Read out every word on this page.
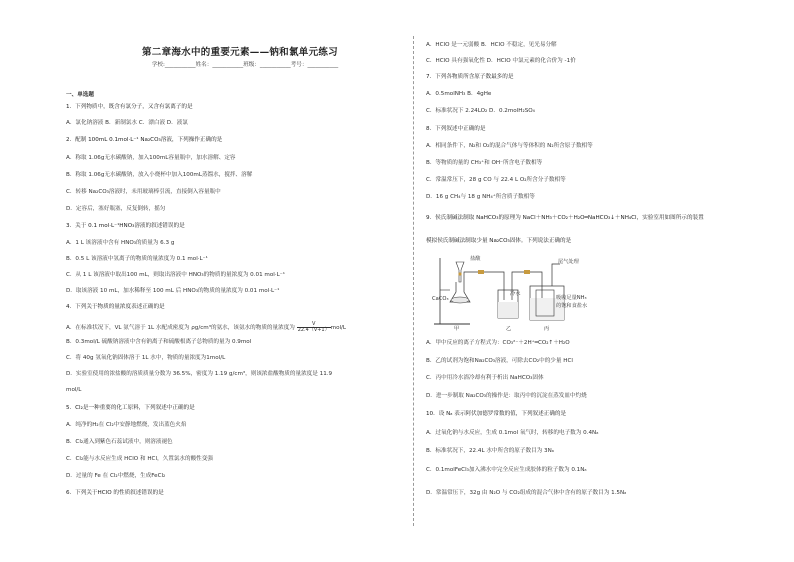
第二章海水中的重要元素——钠和氯单元练习
学校:___________姓名：___________班级：___________考号：___________
一、单选题
1．下列物质中，既含有氯分子，又含有氯离子的是
A．氯化钠溶液 B．新制氯水 C．漂白液 D．液氯
2．配制 100mL 0.1mol·L⁻¹ Na₂CO₃溶液，下列操作正确的是
A．称取 1.06g无水碳酸钠，加入100mL容量瓶中，加水溶解、定容
B．称取 1.06g无水碳酸钠，放入小烧杯中加入100mL蒸馏水，搅拌、溶解
C．转移 Na₂CO₃溶液时，未用玻璃棒引流，直接倒入容量瓶中
D．定容后，塞好瓶塞，反复倒转，摇匀
3．关于 0.1 mol·L⁻¹HNO₃溶液的叙述错误的是
A．1 L 该溶液中含有 HNO₃的质量为 6.3 g
B．0.5 L 该溶液中氢离子的物质的量浓度为 0.1 mol·L⁻¹
C．从 1 L 该溶液中取出100 mL，则取出溶液中 HNO₃的物质的量浓度为 0.01 mol·L⁻¹
D．取该溶液 10 mL，加水稀释至 100 mL 后 HNO₃的物质的量浓度为 0.01 mol·L⁻¹
4．下列关于物质的量浓度表述正确的是
A．在标准状况下，VL 氨气溶于 1L 水配成密度为 ρg/cm³的氨水，该氨水的物质的量浓度为 $\frac{V}{22.4(V+1)} mol/L$
B．0.3mol/L 硫酸钠溶液中含有钠离子和硫酸根离子总物质的量为 0.9mol
C．将 40g 氢氧化钠固体溶于 1L 水中，物质的量浓度为1mol/L
D．实验室使用的浓盐酸的溶质质量分数为 36.5%，密度为 1.19 g/cm³，则该浓盐酸物质的量浓度是 11.9
mol/L
5．Cl₂是一种重要的化工原料，下列叙述中正确的是
A．纯净的H₂在 Cl₂中安静地燃烧，发出蓝色火焰
B．Cl₂通入到紫色石蕊试液中，则溶液褪色
C．Cl₂能与水反应生成 HClO 和 HCl，久置氯水的酸性变强
D．过量的 Fe 在 Cl₂中燃烧，生成FeCl₂
6．下列关于HClO 的性质叙述错误的是
A．HClO 是一元弱酸 B．HClO 不稳定，见光易分解
C．HClO 具有强氧化性 D．HClO 中氯元素的化合价为 -1价
7．下列各物质所含原子数最多的是
A．0.5molNH₃ B．4gHe
C．标准状况下 2.24LO₂ D．0.2molH₂SO₄
8．下列叙述中正确的是
A．相同条件下，N₂和 O₂的混合气体与等体积的 N₂所含原子数相等
B．等物质的量的 CH₃⁺和 OH⁻所含电子数相等
C．常温常压下，28 g CO 与 22.4 L O₂所含分子数相等
D．16 g CH₄与 18 g NH₄⁺所含质子数相等
9．侯氏制碱法制取 NaHCO₃的原理为 NaCl＋NH₃＋CO₂＋H₂O═NaHCO₃↓＋NH₄Cl，实验室用如图所示的装置
模拟侯氏制碱法制取少量 Na₂CO₃固体。下列说法正确的是
盐酸	尾气处理
CaCO₃
冷水
吸收足量NH₃
的饱和食盐水
甲	乙	丙
A．甲中反应的离子方程式为：CO₃²⁻＋2H⁺═CO₂↑＋H₂O
B．乙的试剂为饱和Na₂CO₃溶液，可除去CO₂中的少量 HCl
C．丙中用冷水浴冷却有利于析出 NaHCO₃固体
D．进一步制取 Na₂CO₃的操作是：取丙中的沉淀在蒸发皿中灼烧
10．设 Nₐ 表示阿伏加德罗常数的值，下列叙述正确的是
A．过氧化钠与水反应，生成 0.1mol 氧气时，转移的电子数为 0.4Nₐ
B．标准状况下，22.4L 水中所含的原子数目为 3Nₐ
C．0.1molFeCl₃加入沸水中完全反应生成胶体的粒子数为 0.1Nₐ
D．常温常压下，32g 由 N₂O 与 CO₂组成的混合气体中含有的原子数目为 1.5Nₐ
